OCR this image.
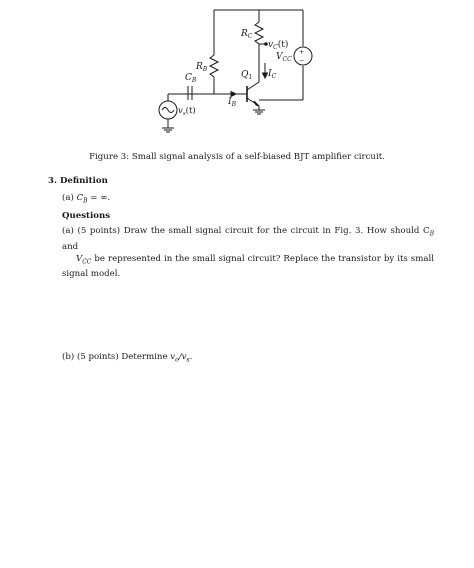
+
−
$R_C$
$v_C(t)$
$V_{CC}$
$R_B$
$C_B$
$Q_1$ $I_C$
$I_B$
$v_s(t)$
Figure 3: Small signal analysis of a self-biased BJT amplifier circuit.
3. Definition
(a) $C_B$ = ∞.
Questions
(a) (5 points) Draw the small signal circuit for the circuit in Fig. 3. How should $C_B$ and
$V_{CC}$ be represented in the small signal circuit? Replace the transistor by its small signal model.
(b) (5 points) Determine $v_o/v_s$.
